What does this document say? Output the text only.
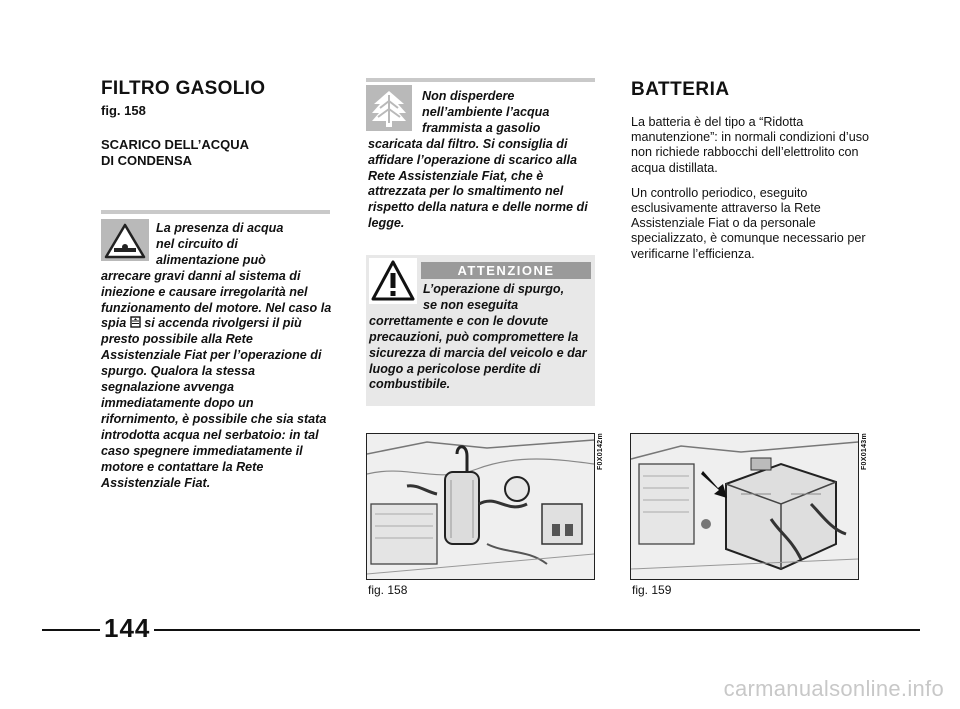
FILTRO GASOLIO
fig. 158
SCARICO DELL’ACQUA
DI CONDENSA
La presenza di acqua
nel circuito di
alimentazione può
arrecare gravi danni al sistema di iniezione e causare irregolarità nel funzionamento del motore. Nel caso la spia  si accenda rivolgersi il più presto possibile alla Rete Assistenziale Fiat per l’operazione di spurgo. Qualora la stessa segnalazione avvenga immediatamente dopo un rifornimento, è possibile che sia stata introdotta acqua nel serbatoio: in tal caso spegnere immediatamente il motore e contattare la Rete Assistenziale Fiat.
Non disperdere
nell’ambiente l’acqua
frammista a gasolio
scaricata dal filtro. Si consiglia di affidare l’operazione di scarico alla Rete Assistenziale Fiat, che è attrezzata per lo smaltimento nel rispetto della natura e delle norme di legge.
ATTENZIONE
L’operazione di spurgo,
se non eseguita
correttamente e con le dovute precauzioni, può compromettere la sicurezza di marcia del veicolo e dar luogo a pericolose perdite di combustibile.
F0X0142m
fig. 158
BATTERIA

La batteria è del tipo a “Ridotta manutenzione”: in normali condizioni d’uso non richiede rabbocchi dell’elettrolito con acqua distillata.

Un controllo periodico, eseguito esclusivamente attraverso la Rete Assistenziale Fiat o da personale specializzato, è comunque necessario per verificarne l’efficienza.

F0X0143m
fig. 159
144
carmanualsonline.info
